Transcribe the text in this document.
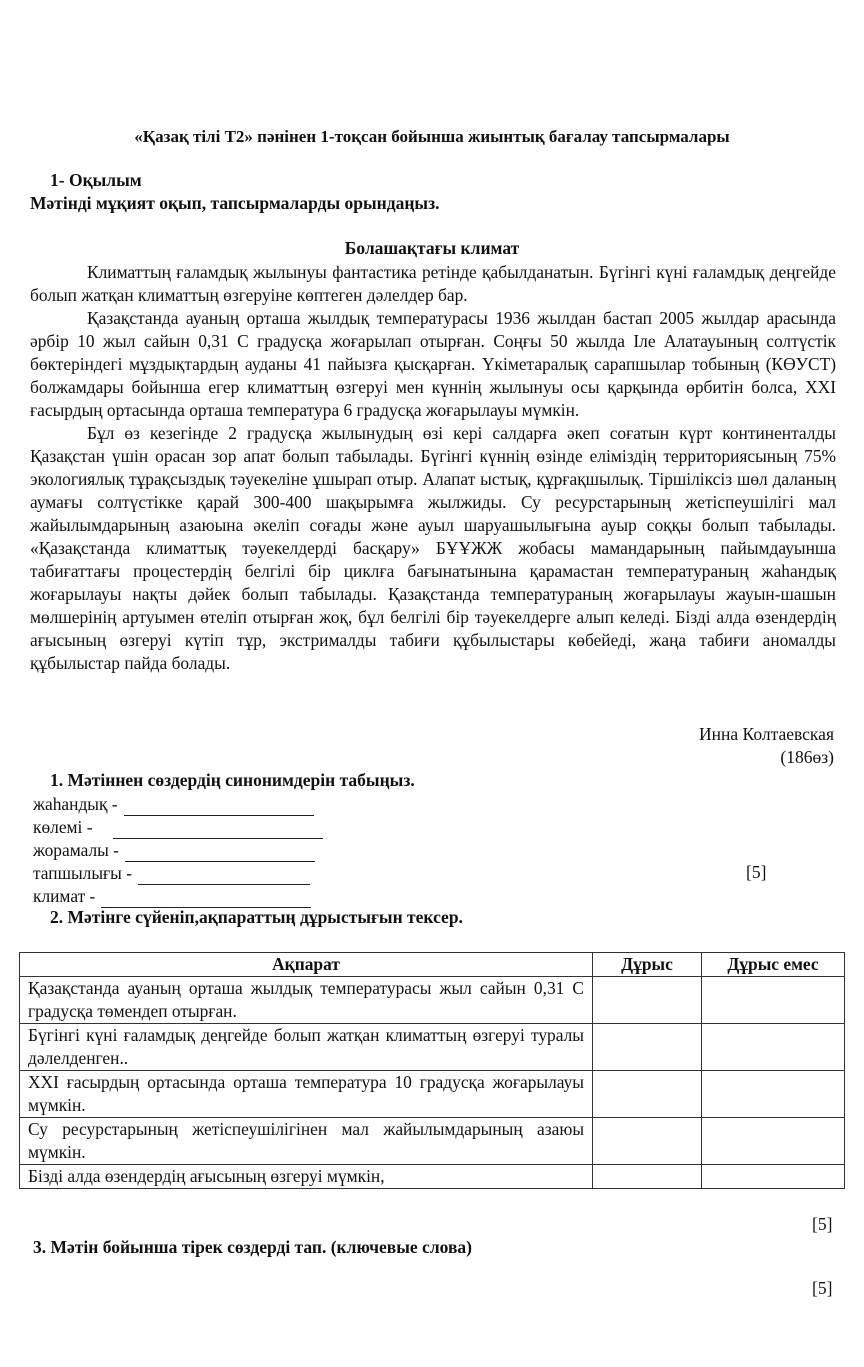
«Қазақ тілі Т2» пәнінен 1-тоқсан бойынша жиынтық бағалау тапсырмалары
1- Оқылым
Мәтінді мұқият оқып, тапсырмаларды орындаңыз.
Болашақтағы климат

Климаттың ғаламдық жылынуы фантастика ретінде қабылданатын. Бүгінгі күні ғаламдық деңгейде болып жатқан климаттың өзгеруіне көптеген дәлелдер бар.

Қазақстанда ауаның орташа жылдық температурасы 1936 жылдан бастап 2005 жылдар арасында әрбір 10 жыл сайын 0,31 С градусқа жоғарылап отырған. Соңғы 50 жылда Іле Алатауының солтүстік бөктеріндегі мұздықтардың ауданы 41 пайызға қысқарған. Үкіметаралық сарапшылар тобының (КӨУСТ) болжамдары бойынша егер климаттың өзгеруі мен күннің жылынуы осы қарқында өрбитін болса, XXI ғасырдың ортасында орташа температура 6 градусқа жоғарылауы мүмкін.

Бұл өз кезегінде 2 градусқа жылынудың өзі кері салдарға әкеп соғатын күрт континенталды Қазақстан үшін орасан зор апат болып табылады. Бүгінгі күннің өзінде еліміздің территориясының 75% экологиялық тұрақсыздық тәуекеліне ұшырап отыр. Алапат ыстық, құрғақшылық. Тіршіліксіз шөл даланың аумағы солтүстікке қарай 300-400 шақырымға жылжиды. Су ресурстарының жетіспеушілігі мал жайылымдарының азаюына әкеліп соғады және ауыл шаруашылығына ауыр соққы болып табылады. «Қазақстанда климаттық тәуекелдерді басқару» БҰҰЖЖ жобасы мамандарының пайымдауынша табиғаттағы процестердің белгілі бір циклға бағынатынына қарамастан температураның жаһандық жоғарылауы нақты дәйек болып табылады. Қазақстанда температураның жоғарылауы жауын-шашын мөлшерінің артуымен өтеліп отырған жоқ, бұл белгілі бір тәуекелдерге алып келеді. Бізді алда өзендердің ағысының өзгеруі күтіп тұр, экстрималды табиғи құбылыстары көбейеді, жаңа табиғи аномалды құбылыстар пайда болады.

Инна Колтаевская
(186өз)
1. Мәтіннен сөздердің синонимдерін табыңыз.
жаһандық -
көлемі -
жорамалы -
тапшылығы -
климат -
[5]
2. Мәтінге сүйеніп,ақпараттың дұрыстығын тексер.
Ақпарат	Дұрыс	Дұрыс емес
Қазақстанда ауаның орташа жылдық температурасы жыл сайын 0,31 С градусқа төмендеп отырған.		
Бүгінгі күні ғаламдық деңгейде болып жатқан климаттың өзгеруі туралы дәлелденген..		
XXI ғасырдың ортасында орташа температура 10 градусқа жоғарылауы мүмкін.		
Су ресурстарының жетіспеушілігінен мал жайылымдарының азаюы мүмкін.		
Бізді алда өзендердің ағысының өзгеруі мүмкін,		
[5]
3. Мәтін бойынша тірек сөздерді тап. (ключевые слова)
[5]
